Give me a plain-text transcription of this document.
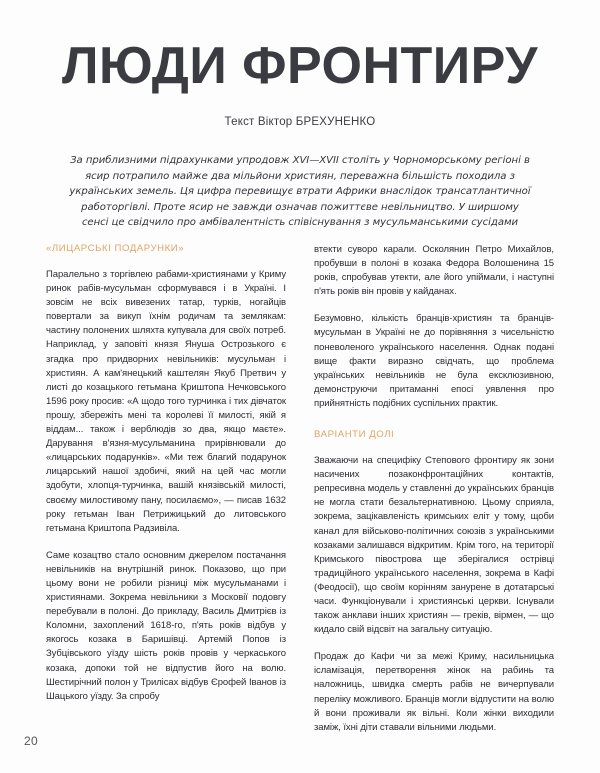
ЛЮДИ ФРОНТИРУ
Текст Віктор БРЕХУНЕНКО
За приблизними підрахунками упродовж XVI—XVII століть у Чорноморському регіоні в ясир потрапило майже два мільйони християн, переважна більшість походила з українських земель. Ця цифра перевищує втрати Африки внаслідок трансатлантичної работоргівлі. Проте ясир не завжди означав пожиттєве невільництво. У ширшому сенсі це свідчило про амбівалентність співіснування з мусульманськими сусідами
«ЛИЦАРСЬКІ ПОДАРУНКИ»

Паралельно з торгівлею рабами-християнами у Криму ринок рабів-мусульман сформувався і в Україні. І зовсім не всіх вивезених татар, турків, ногайців повертали за викуп їхнім родичам та землякам: частину полонених шляхта купувала для своїх потреб. Наприклад, у заповіті князя Януша Острозького є згадка про придворних невільників: мусульман і християн. А кам'янецький каштелян Якуб Претвич у листі до козацького гетьмана Криштопа Нечковського 1596 року просив: «А щодо того турчинка і тих дівчаток прошу, збережіть мені та королеві її милості, якій я віддам... також і верблюдів зо два, якщо маєте». Дарування в'язня-мусульманина прирівнювали до «лицарських подарунків». «Ми теж благий подарунок лицарський нашої здобичі, який на цей час могли здобути, хлопця-турчинка, вашій князівській милості, своєму милостивому пану, посилаємо», — писав 1632 року гетьман Іван Петрижицький до литовського гетьмана Криштопа Радзивіла.

Саме козацтво стало основним джерелом постачання невільників на внутрішній ринок. Показово, що при цьому вони не робили різниці між мусульманами і християнами. Зокрема невільники з Московії подовгу перебували в полоні. До прикладу, Василь Дмитрієв із Коломни, захоплений 1618-го, п'ять років відбув у якогось козака в Баришівці. Артемій Попов із Зубцівського уїзду шість років провів у черкаського козака, допоки той не відпустив його на волю. Шестирічний полон у Трилісах відбув Єрофей Іванов із Шацького уїзду. За спробу

втекти суворо карали. Осколянин Петро Михайлов, пробувши в полоні в козака Федора Волошенина 15 років, спробував утекти, але його упіймали, і наступні п'ять років він провів у кайданах.

Безумовно, кількість бранців-християн та бранців-мусульман в Україні не до порівняння з чисельністю поневоленого українського населення. Однак подані вище факти виразно свідчать, що проблема українських невільників не була ексклюзивною, демонструючи притаманні епосі уявлення про прийнятність подібних суспільних практик.

ВАРІАНТИ ДОЛІ

Зважаючи на специфіку Степового фронтиру як зони насичених позаконфронтаційних контактів, репресивна модель у ставленні до українських бранців не могла стати безальтернативною. Цьому сприяла, зокрема, зацікавленість кримських еліт у тому, щоби канал для військово-політичних союзів з українськими козаками залишався відкритим. Крім того, на території Кримського півострова ще зберігалися острівці традиційного українського населення, зокрема в Кафі (Феодосії), що своїм корінням занурене в дотатарські часи. Функціонували і християнські церкви. Існували також анклави інших християн — греків, вірмен, — що кидало свій відсвіт на загальну ситуацію.

Продаж до Кафи чи за межі Криму, насильницька ісламізація, перетворення жінок на рабинь та наложниць, швидка смерть рабів не вичерпували переліку можливого. Бранців могли відпустити на волю й вони проживали як вільні. Коли жінки виходили заміж, їхні діти ставали вільними людьми.

20
